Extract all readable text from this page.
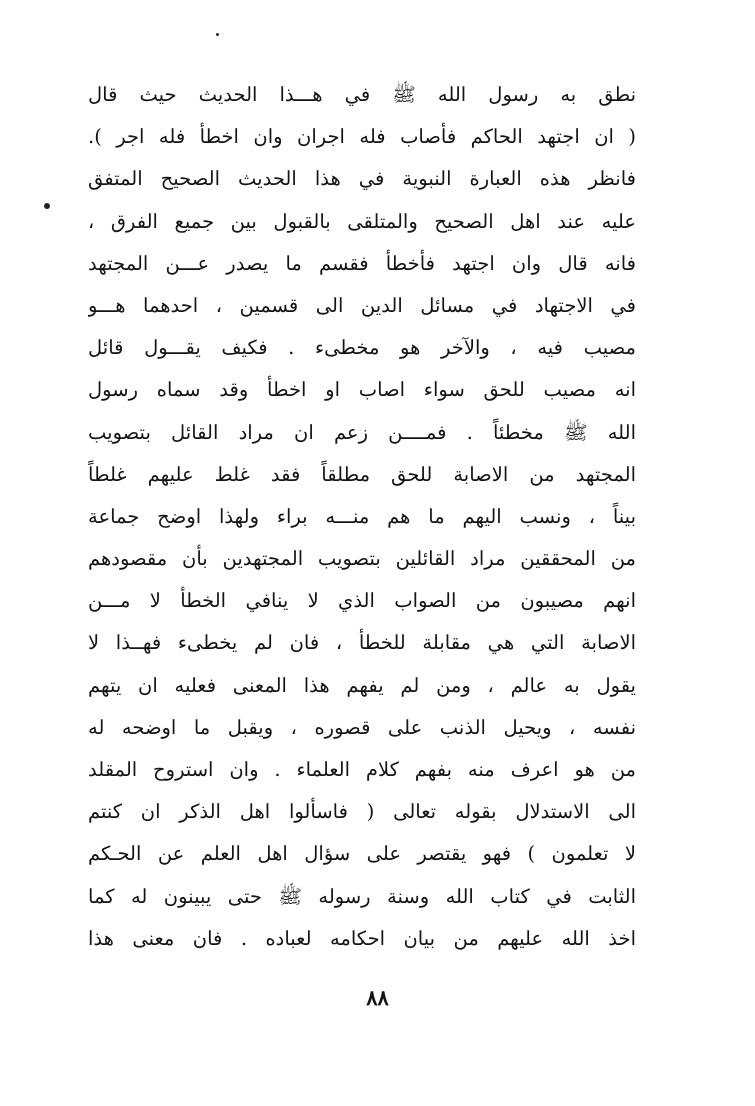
نطق به رسول الله ﷺ في هـــذا الحديث حيث قال
( ان اجتهد الحاكم فأصاب فله اجران وان اخطأ فله اجر ).
فانظر هذه العبارة النبوية في هذا الحديث الصحيح المتفق
عليه عند اهل الصحيح والمتلقى بالقبول بين جميع الفرق ،
فانه قال وان اجتهد فأخطأ فقسم ما يصدر عـــن المجتهد
في الاجتهاد في مسائل الدين الى قسمين ، احدهما هـــو
مصيب فيه ، والآخر هو مخطىء . فكيف يقـــول قائل
انه مصيب للحق سواء اصاب او اخطأ وقد سماه رسول
الله ﷺ مخطئاً . فمــــن زعم ان مراد القائل بتصويب
المجتهد من الاصابة للحق مطلقاً فقد غلط عليهم غلطاً
بيناً ، ونسب اليهم ما هم منـــه براء ولهذا اوضح جماعة
من المحققين مراد القائلين بتصويب المجتهدين بأن مقصودهم
انهم مصيبون من الصواب الذي لا ينافي الخطأ لا مـــن
الاصابة التي هي مقابلة للخطأ ، فان لم يخطىء فهــذا لا
يقول به عالم ، ومن لم يفهم هذا المعنى فعليه ان يتهم
نفسه ، ويحيل الذنب على قصوره ، ويقبل ما اوضحه له
من هو اعرف منه بفهم كلام العلماء . وان استروح المقلد
الى الاستدلال بقوله تعالى ( فاسألوا اهل الذكر ان كنتم
لا تعلمون ) فهو يقتصر على سؤال اهل العلم عن الحـكم
الثابت في كتاب الله وسنة رسوله ﷺ حتى يبينون له كما
اخذ الله عليهم من بيان احكامه لعباده . فان معنى هذا
٨٨
